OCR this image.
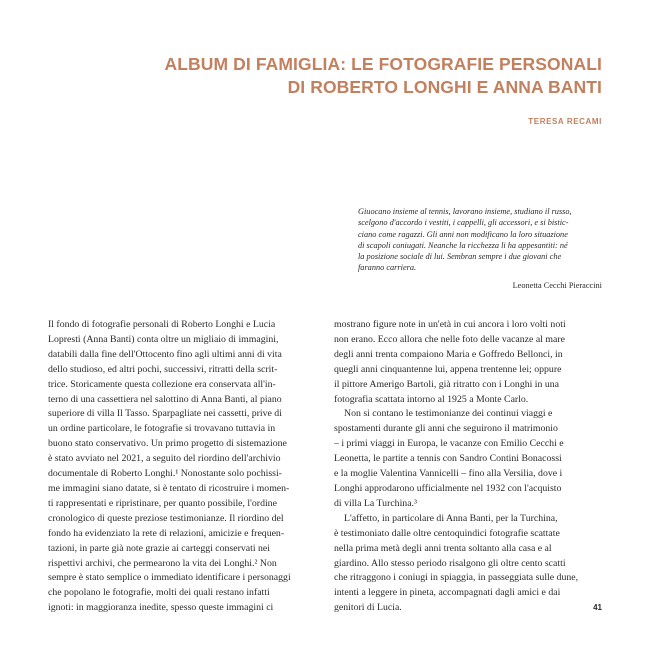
ALBUM DI FAMIGLIA: LE FOTOGRAFIE PERSONALI
DI ROBERTO LONGHI E ANNA BANTI
TERESA RECAMI
Giuocano insieme al tennis, lavorano insieme, studiano il russo,
scelgono d'accordo i vestiti, i cappelli, gli accessori, e si bistic-
ciano come ragazzi. Gli anni non modificano la loro situazione
di scapoli coniugati. Neanche la ricchezza li ha appesantiti: né
la posizione sociale di lui. Sembran sempre i due giovani che
faranno carriera.
Leonetta Cecchi Pieraccini
Il fondo di fotografie personali di Roberto Longhi e Lucia
Lopresti (Anna Banti) conta oltre un migliaio di immagini,
databili dalla fine dell'Ottocento fino agli ultimi anni di vita
dello studioso, ed altri pochi, successivi, ritratti della scrit-
trice. Storicamente questa collezione era conservata all'in-
terno di una cassettiera nel salottino di Anna Banti, al piano
superiore di villa Il Tasso. Sparpagliate nei cassetti, prive di
un ordine particolare, le fotografie si trovavano tuttavia in
buono stato conservativo. Un primo progetto di sistemazione
è stato avviato nel 2021, a seguito del riordino dell'archivio
documentale di Roberto Longhi.¹ Nonostante solo pochissi-
me immagini siano datate, si è tentato di ricostruire i momen-
ti rappresentati e ripristinare, per quanto possibile, l'ordine
cronologico di queste preziose testimonianze. Il riordino del
fondo ha evidenziato la rete di relazioni, amicizie e frequen-
tazioni, in parte già note grazie ai carteggi conservati nei
rispettivi archivi, che permearono la vita dei Longhi.² Non
sempre è stato semplice o immediato identificare i personaggi
che popolano le fotografie, molti dei quali restano infatti
ignoti: in maggioranza inedite, spesso queste immagini ci
mostrano figure note in un'età in cui ancora i loro volti noti
non erano. Ecco allora che nelle foto delle vacanze al mare
degli anni trenta compaiono Maria e Goffredo Bellonci, in
quegli anni cinquantenne lui, appena trentenne lei; oppure
il pittore Amerigo Bartoli, già ritratto con i Longhi in una
fotografia scattata intorno al 1925 a Monte Carlo.
Non si contano le testimonianze dei continui viaggi e
spostamenti durante gli anni che seguirono il matrimonio
– i primi viaggi in Europa, le vacanze con Emilio Cecchi e
Leonetta, le partite a tennis con Sandro Contini Bonacossi
e la moglie Valentina Vannicelli – fino alla Versilia, dove i
Longhi approdarono ufficialmente nel 1932 con l'acquisto
di villa La Turchina.³
L'affetto, in particolare di Anna Banti, per la Turchina,
è testimoniato dalle oltre centoquindici fotografie scattate
nella prima metà degli anni trenta soltanto alla casa e al
giardino. Allo stesso periodo risalgono gli oltre cento scatti
che ritraggono i coniugi in spiaggia, in passeggiata sulle dune,
intenti a leggere in pineta, accompagnati dagli amici e dai
genitori di Lucia.	41
